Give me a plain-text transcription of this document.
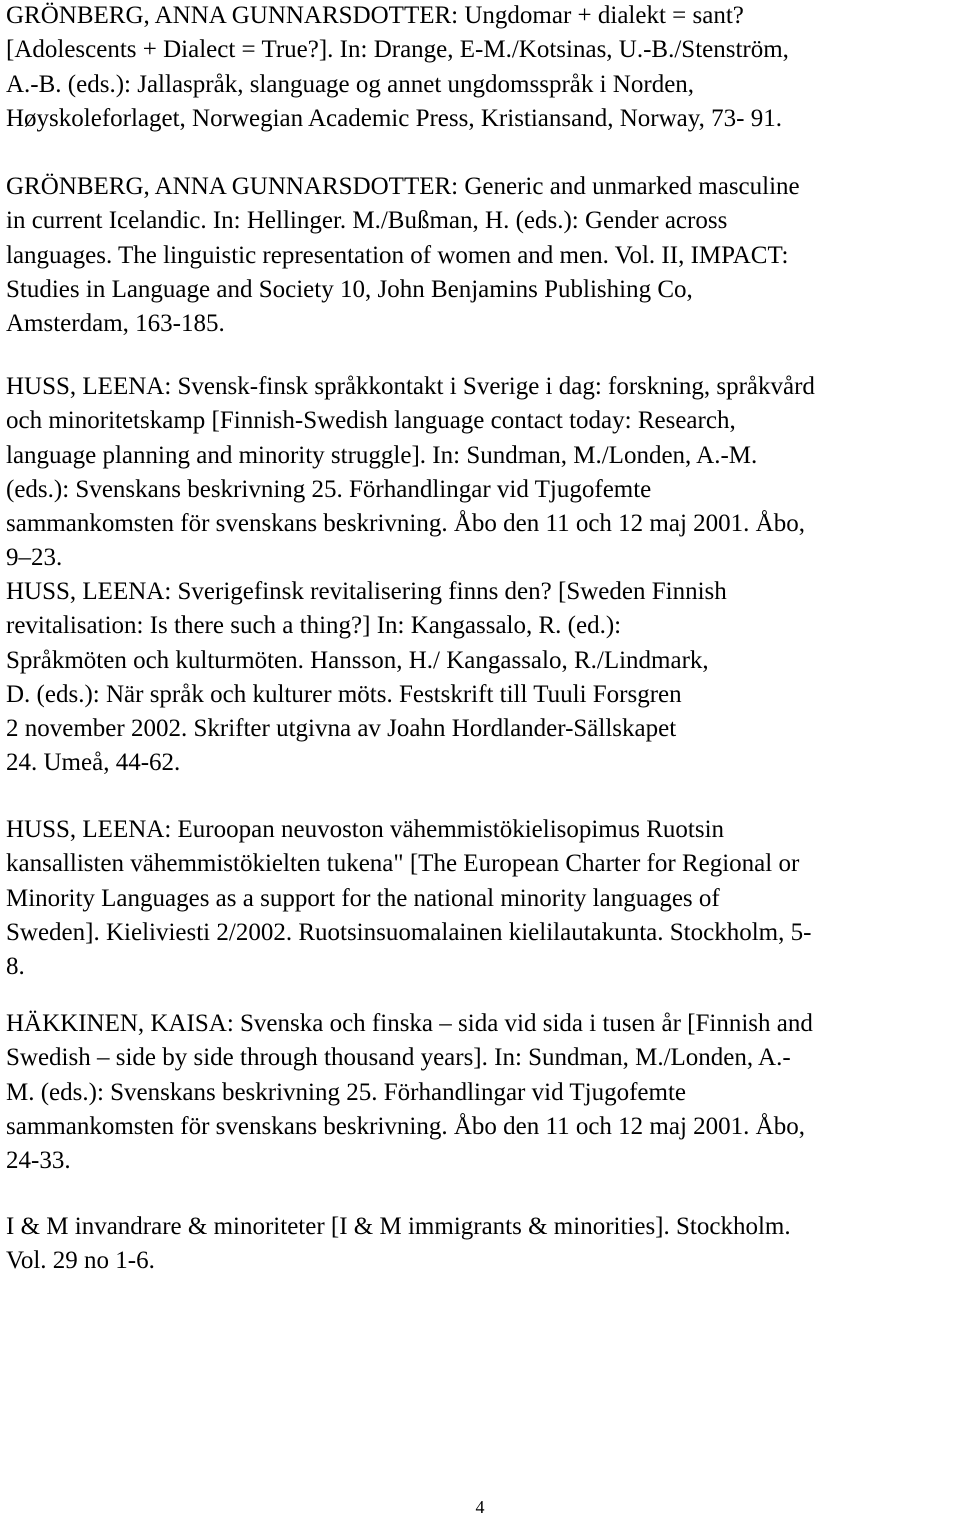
GRÖNBERG, ANNA GUNNARSDOTTER: Ungdomar + dialekt = sant?
[Adolescents + Dialect = True?]. In: Drange, E-M./Kotsinas, U.-B./Stenström,
A.-B. (eds.): Jallaspråk, slanguage og annet ungdomsspråk i Norden,
Høyskoleforlaget, Norwegian Academic Press, Kristiansand, Norway, 73- 91.
GRÖNBERG, ANNA GUNNARSDOTTER: Generic and unmarked masculine
in current Icelandic. In: Hellinger. M./Bußman, H. (eds.): Gender across
languages. The linguistic representation of women and men. Vol. II, IMPACT:
Studies in Language and Society 10, John Benjamins Publishing Co,
Amsterdam, 163-185.
HUSS, LEENA: Svensk-finsk språkkontakt i Sverige i dag: forskning, språkvård
och minoritetskamp [Finnish-Swedish language contact today: Research,
language planning and minority struggle]. In: Sundman, M./Londen, A.-M.
(eds.): Svenskans beskrivning 25. Förhandlingar vid Tjugofemte
sammankomsten för svenskans beskrivning. Åbo den 11 och 12 maj 2001. Åbo,
9–23.
HUSS, LEENA: Sverigefinsk revitalisering finns den? [Sweden Finnish
revitalisation: Is there such a thing?] In: Kangassalo, R. (ed.):
Språkmöten och kulturmöten. Hansson, H./ Kangassalo, R./Lindmark,
D. (eds.): När språk och kulturer möts. Festskrift till Tuuli Forsgren
2 november 2002. Skrifter utgivna av Joahn Hordlander-Sällskapet
24. Umeå, 44-62.
HUSS, LEENA: Euroopan neuvoston vähemmistökielisopimus Ruotsin
kansallisten vähemmistökielten tukena" [The European Charter for Regional or
Minority Languages as a support for the national minority languages of
Sweden]. Kieliviesti 2/2002. Ruotsinsuomalainen kielilautakunta. Stockholm, 5-
8.
HÄKKINEN, KAISA: Svenska och finska – sida vid sida i tusen år [Finnish and
Swedish – side by side through thousand years]. In: Sundman, M./Londen, A.-
M. (eds.): Svenskans beskrivning 25. Förhandlingar vid Tjugofemte
sammankomsten för svenskans beskrivning. Åbo den 11 och 12 maj 2001. Åbo,
24-33.
I & M invandrare & minoriteter [I & M immigrants & minorities]. Stockholm.
Vol. 29 no 1-6.
4
